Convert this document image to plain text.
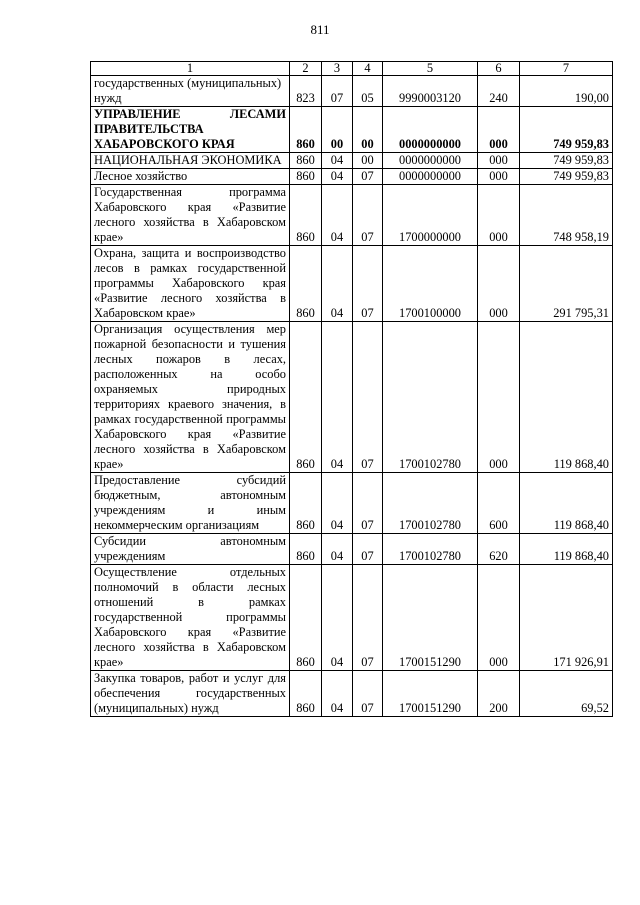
811
1	2	3	4	5	6	7
государственных (муниципальных) нужд	823	07	05	9990003120	240	190,00
УПРАВЛЕНИЕ ЛЕСАМИ ПРАВИТЕЛЬСТВА ХАБАРОВСКОГО КРАЯ	860	00	00	0000000000	000	749 959,83
НАЦИОНАЛЬНАЯ ЭКОНОМИКА	860	04	00	0000000000	000	749 959,83
Лесное хозяйство	860	04	07	0000000000	000	749 959,83
Государственная программа Хабаровского края «Развитие лесного хозяйства в Хабаровском крае»	860	04	07	1700000000	000	748 958,19
Охрана, защита и воспроизводство лесов в рамках государственной программы Хабаровского края «Развитие лесного хозяйства в Хабаровском крае»	860	04	07	1700100000	000	291 795,31
Организация осуществления мер пожарной безопасности и тушения лесных пожаров в лесах, расположенных на особо охраняемых природных территориях краевого значения, в рамках государственной программы Хабаровского края «Развитие лесного хозяйства в Хабаровском крае»	860	04	07	1700102780	000	119 868,40
Предоставление субсидий бюджетным, автономным учреждениям и иным некоммерческим организациям	860	04	07	1700102780	600	119 868,40
Субсидии автономным учреждениям	860	04	07	1700102780	620	119 868,40
Осуществление отдельных полномочий в области лесных отношений в рамках государственной программы Хабаровского края «Развитие лесного хозяйства в Хабаровском крае»	860	04	07	1700151290	000	171 926,91
Закупка товаров, работ и услуг для обеспечения государственных (муниципальных) нужд	860	04	07	1700151290	200	69,52
